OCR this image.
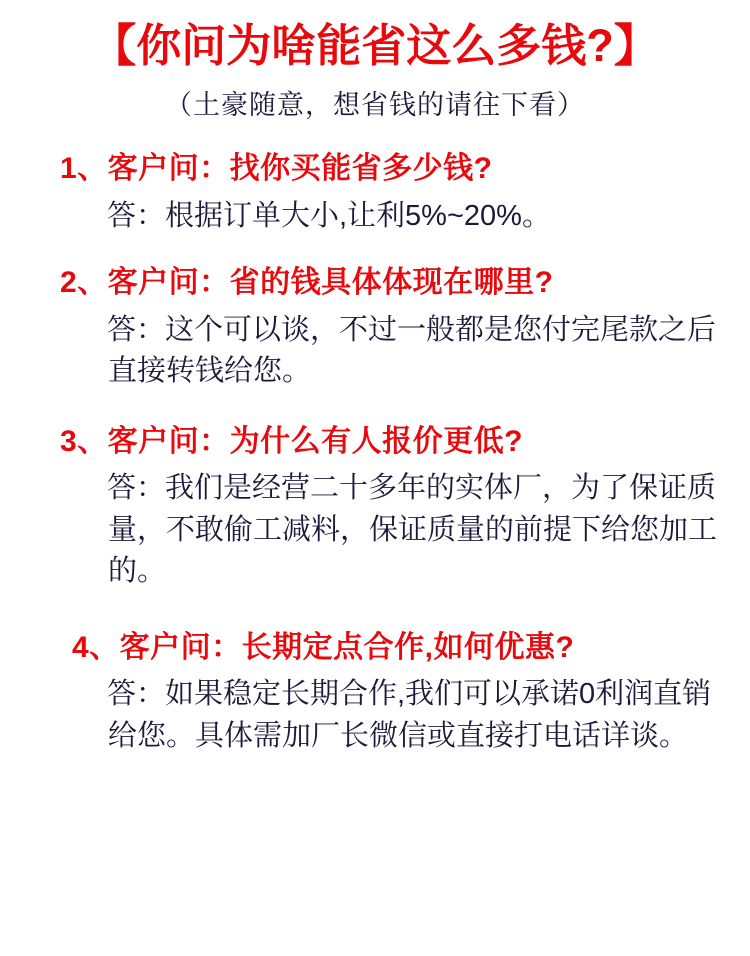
【你问为啥能省这么多钱?】
（土豪随意，想省钱的请往下看）
1、客户问：找你买能省多少钱?
答：根据订单大小,让利5%~20%。
2、客户问：省的钱具体体现在哪里?
答：这个可以谈，不过一般都是您付完尾款之后直接转钱给您。
3、客户问：为什么有人报价更低?
答：我们是经营二十多年的实体厂，为了保证质量，不敢偷工减料，保证质量的前提下给您加工的。
4、客户问：长期定点合作,如何优惠?
答：如果稳定长期合作,我们可以承诺0利润直销给您。具体需加厂长微信或直接打电话详谈。
